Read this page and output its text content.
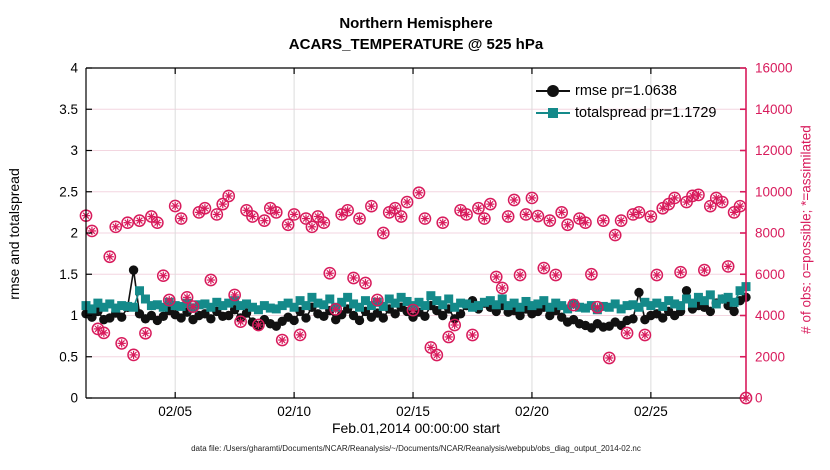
02/05	02/10	02/15	02/20	02/25
0
0.5
1
1.5
2
2.5
3
3.5
4
0
2000
4000
6000
8000
10000
12000
14000
16000
Northern Hemisphere
ACARS_TEMPERATURE @ 525 hPa
Feb.01,2014 00:00:00 start
rmse and totalspread	# of obs: o=possible; *=assimilated
rmse pr=1.0638
totalspread pr=1.1729
data file: /Users/gharamti/Documents/NCAR/Reanalysis/~/Documents/NCAR/Reanalysis/webpub/obs_diag_output_2014-02.nc
